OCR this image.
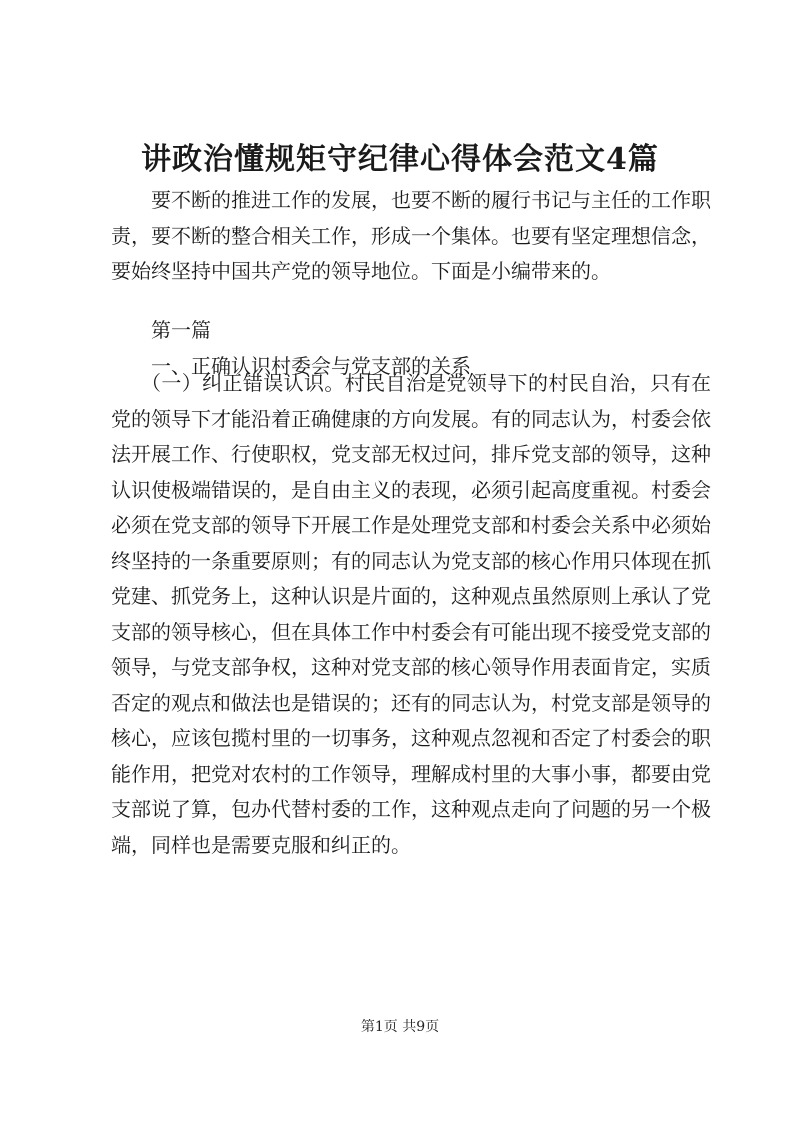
讲政治懂规矩守纪律心得体会范文4篇

要不断的推进工作的发展，也要不断的履行书记与主任的工作职责，要不断的整合相关工作，形成一个集体。也要有坚定理想信念，要始终坚持中国共产党的领导地位。下面是小编带来的。

第一篇
一、正确认识村委会与党支部的关系

（一）纠正错误认识。村民自治是党领导下的村民自治，只有在党的领导下才能沿着正确健康的方向发展。有的同志认为，村委会依法开展工作、行使职权，党支部无权过问，排斥党支部的领导，这种认识使极端错误的，是自由主义的表现，必须引起高度重视。村委会必须在党支部的领导下开展工作是处理党支部和村委会关系中必须始终坚持的一条重要原则；有的同志认为党支部的核心作用只体现在抓党建、抓党务上，这种认识是片面的，这种观点虽然原则上承认了党支部的领导核心，但在具体工作中村委会有可能出现不接受党支部的领导，与党支部争权，这种对党支部的核心领导作用表面肯定，实质否定的观点和做法也是错误的；还有的同志认为，村党支部是领导的核心，应该包揽村里的一切事务，这种观点忽视和否定了村委会的职能作用，把党对农村的工作领导，理解成村里的大事小事，都要由党支部说了算，包办代替村委的工作，这种观点走向了问题的另一个极端，同样也是需要克服和纠正的。

第1页 共9页
